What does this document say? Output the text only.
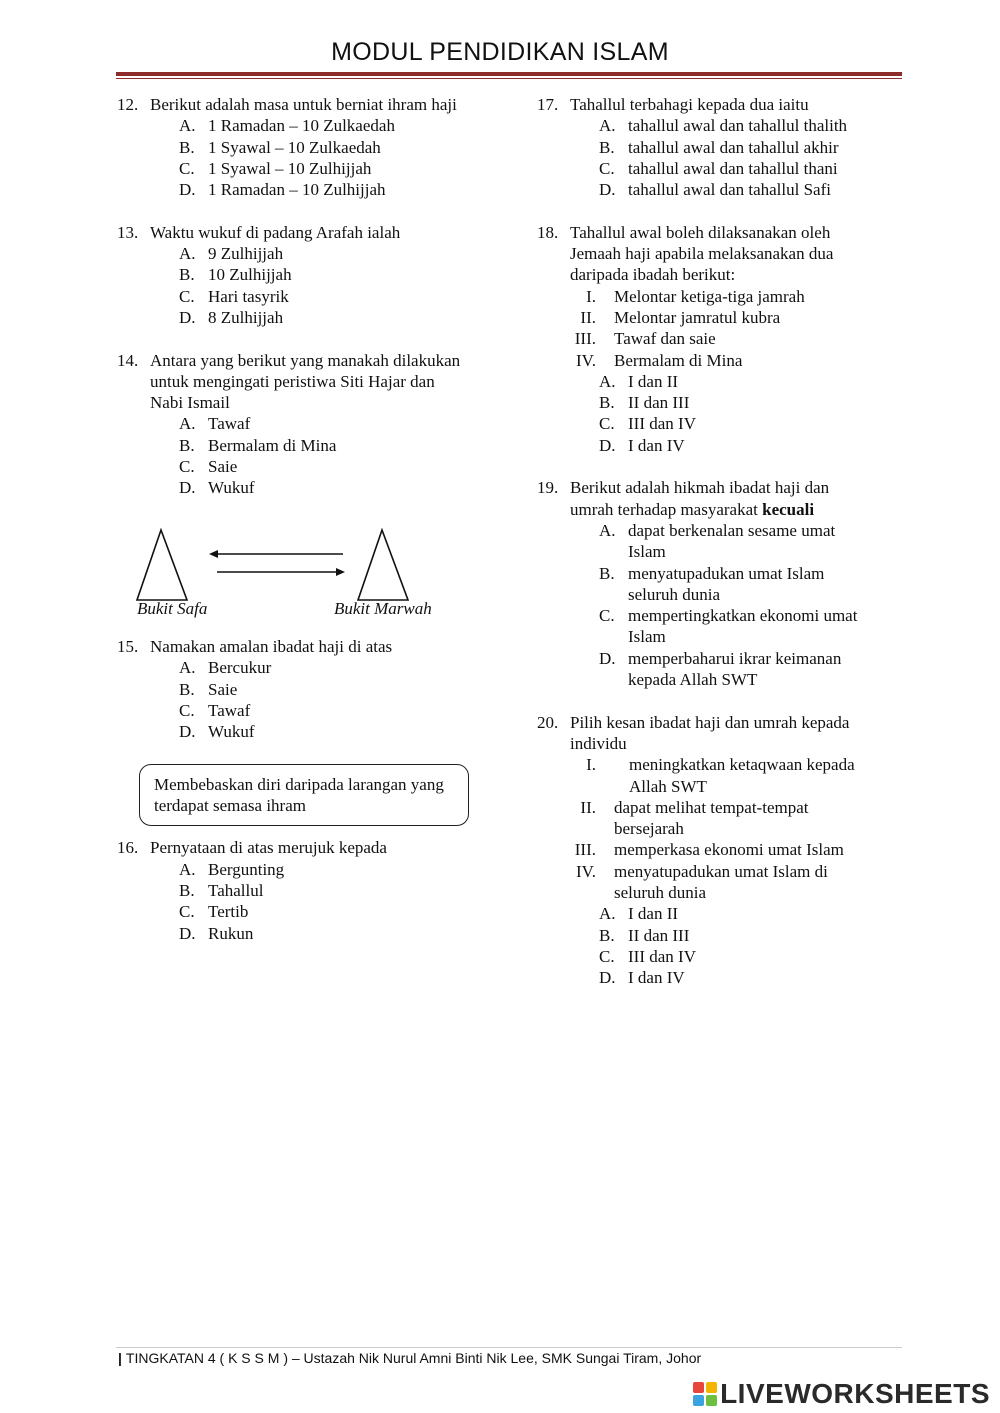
MODUL PENDIDIKAN ISLAM
12. Berikut adalah masa untuk berniat ihram haji
A. 1 Ramadan – 10 Zulkaedah
B. 1 Syawal – 10 Zulkaedah
C. 1 Syawal – 10 Zulhijjah
D. 1 Ramadan – 10 Zulhijjah
13. Waktu wukuf di padang Arafah ialah
A. 9 Zulhijjah
B. 10 Zulhijjah
C. Hari tasyrik
D. 8 Zulhijjah
14. Antara yang berikut yang manakah dilakukan untuk mengingati peristiwa Siti Hajar dan Nabi Ismail
A. Tawaf
B. Bermalam di Mina
C. Saie
D. Wukuf
Bukit Safa	Bukit Marwah
15. Namakan amalan ibadat haji di atas
A. Bercukur
B. Saie
C. Tawaf
D. Wukuf
Membebaskan diri daripada larangan yang terdapat semasa ihram
16. Pernyataan di atas merujuk kepada
A. Bergunting
B. Tahallul
C. Tertib
D. Rukun
17. Tahallul terbahagi kepada dua iaitu
A. tahallul awal dan tahallul thalith
B. tahallul awal dan tahallul akhir
C. tahallul awal dan tahallul thani
D. tahallul awal dan tahallul Safi
18. Tahallul awal boleh dilaksanakan oleh Jemaah haji apabila melaksanakan dua daripada ibadah berikut:
I. Melontar ketiga-tiga jamrah
II. Melontar jamratul kubra
III. Tawaf dan saie
IV. Bermalam di Mina
A. I dan II
B. II dan III
C. III dan IV
D. I dan IV
19. Berikut adalah hikmah ibadat haji dan umrah terhadap masyarakat kecuali
A. dapat berkenalan sesame umat Islam
B. menyatupadukan umat Islam seluruh dunia
C. mempertingkatkan ekonomi umat Islam
D. memperbaharui ikrar keimanan kepada Allah SWT
20. Pilih kesan ibadat haji dan umrah kepada individu
I. meningkatkan ketaqwaan kepada Allah SWT
II. dapat melihat tempat-tempat bersejarah
III. memperkasa ekonomi umat Islam
IV. menyatupadukan umat Islam di seluruh dunia
A. I dan II
B. II dan III
C. III dan IV
D. I dan IV
| TINGKATAN 4 ( K S S M ) – Ustazah Nik Nurul Amni Binti Nik Lee, SMK Sungai Tiram, Johor
LIVEWORKSHEETS
